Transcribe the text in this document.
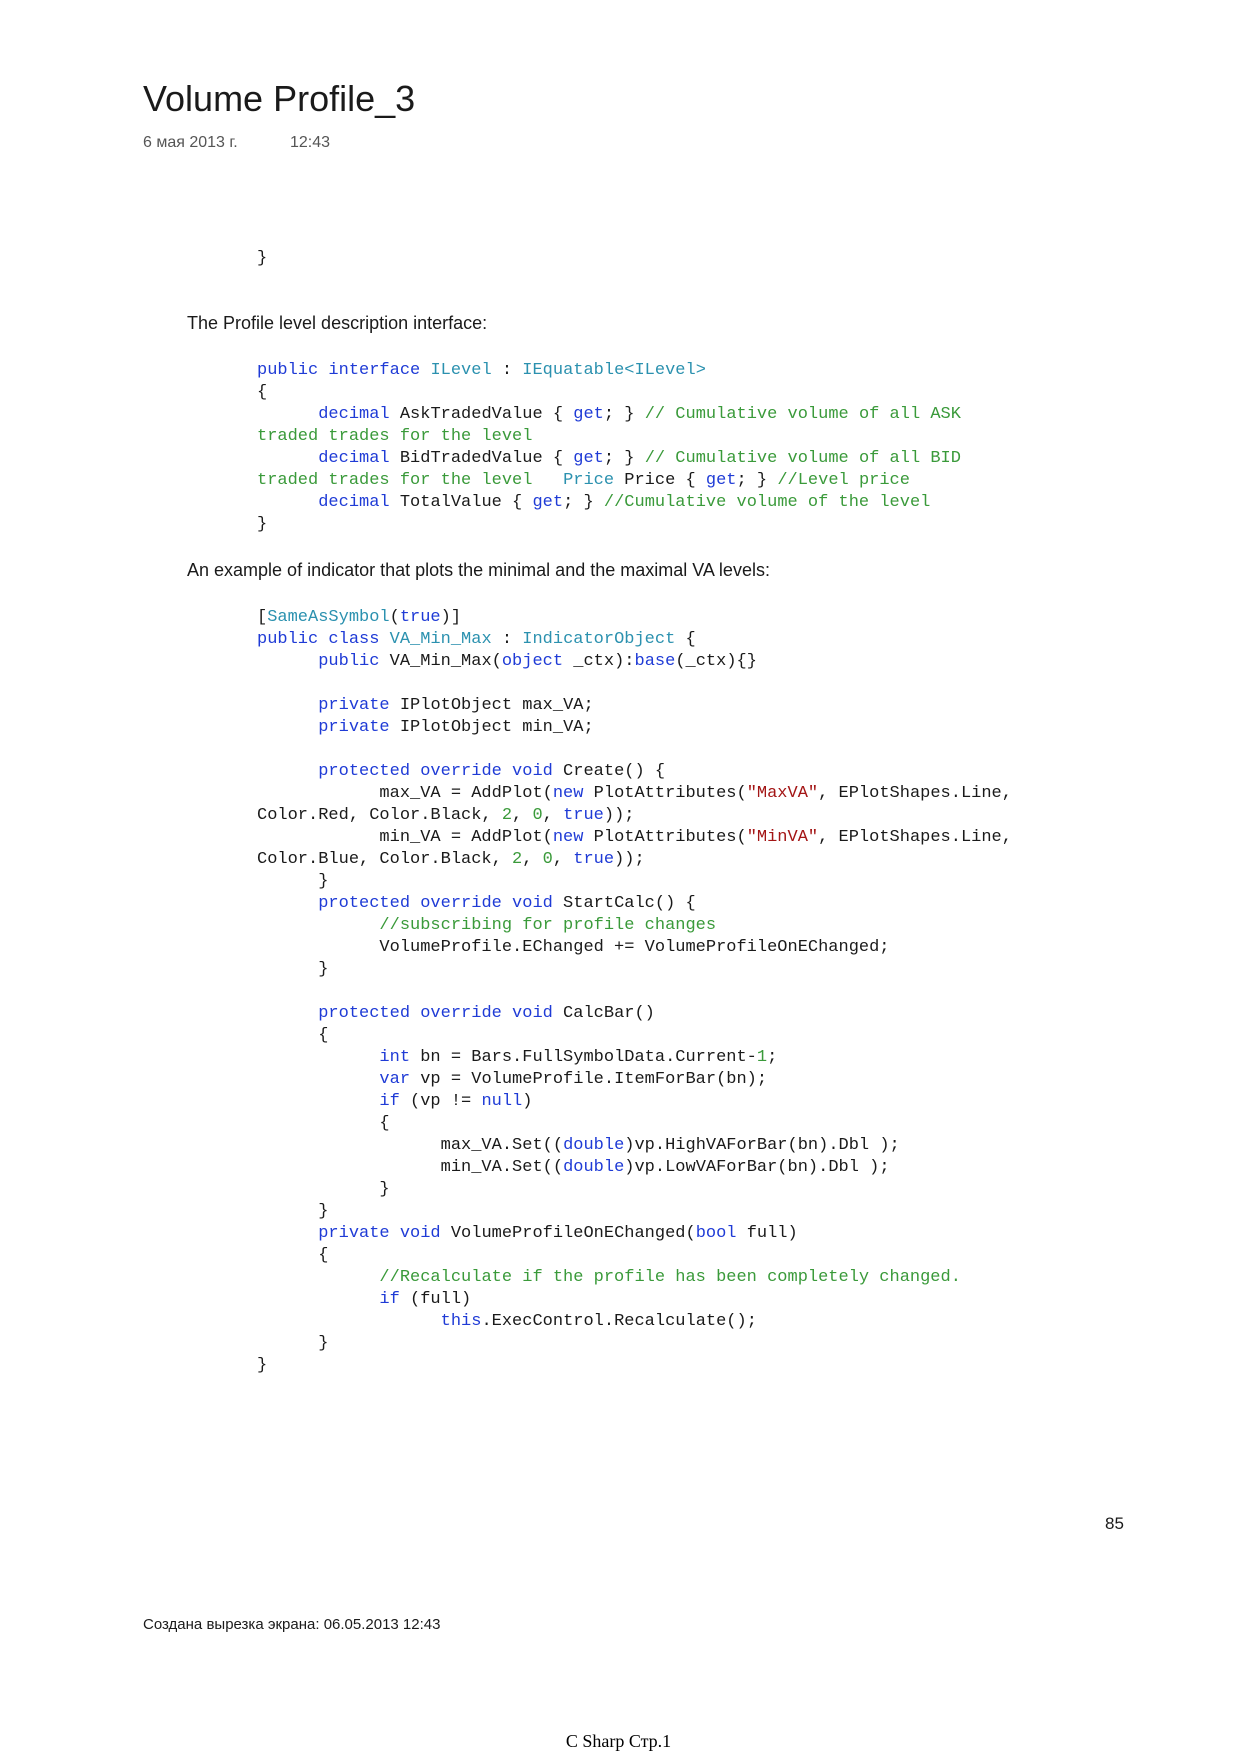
Volume Profile_3
6 мая 2013 г.	12:43
}
The Profile level description interface:
public interface ILevel : IEquatable<ILevel>
{
decimal AskTradedValue { get; } // Cumulative volume of all ASK
traded trades for the level
decimal BidTradedValue { get; } // Cumulative volume of all BID
traded trades for the level Price Price { get; } //Level price
decimal TotalValue { get; } //Cumulative volume of the level
}
An example of indicator that plots the minimal and the maximal VA levels:
[SameAsSymbol(true)]
public class VA_Min_Max : IndicatorObject {
public VA_Min_Max(object _ctx):base(_ctx){}

private IPlotObject max_VA;
private IPlotObject min_VA;

protected override void Create() {
max_VA = AddPlot(new PlotAttributes("MaxVA", EPlotShapes.Line,
Color.Red, Color.Black, 2, 0, true));
min_VA = AddPlot(new PlotAttributes("MinVA", EPlotShapes.Line,
Color.Blue, Color.Black, 2, 0, true));
}
protected override void StartCalc() {
//subscribing for profile changes
VolumeProfile.EChanged += VolumeProfileOnEChanged;
}

protected override void CalcBar()
{
int bn = Bars.FullSymbolData.Current-1;
var vp = VolumeProfile.ItemForBar(bn);
if (vp != null)
{
max_VA.Set((double)vp.HighVAForBar(bn).Dbl );
min_VA.Set((double)vp.LowVAForBar(bn).Dbl );
}
}
private void VolumeProfileOnEChanged(bool full)
{
//Recalculate if the profile has been completely changed.
if (full)
this.ExecControl.Recalculate();
}
}
85
Создана вырезка экрана: 06.05.2013 12:43
C Sharp Стр.1
